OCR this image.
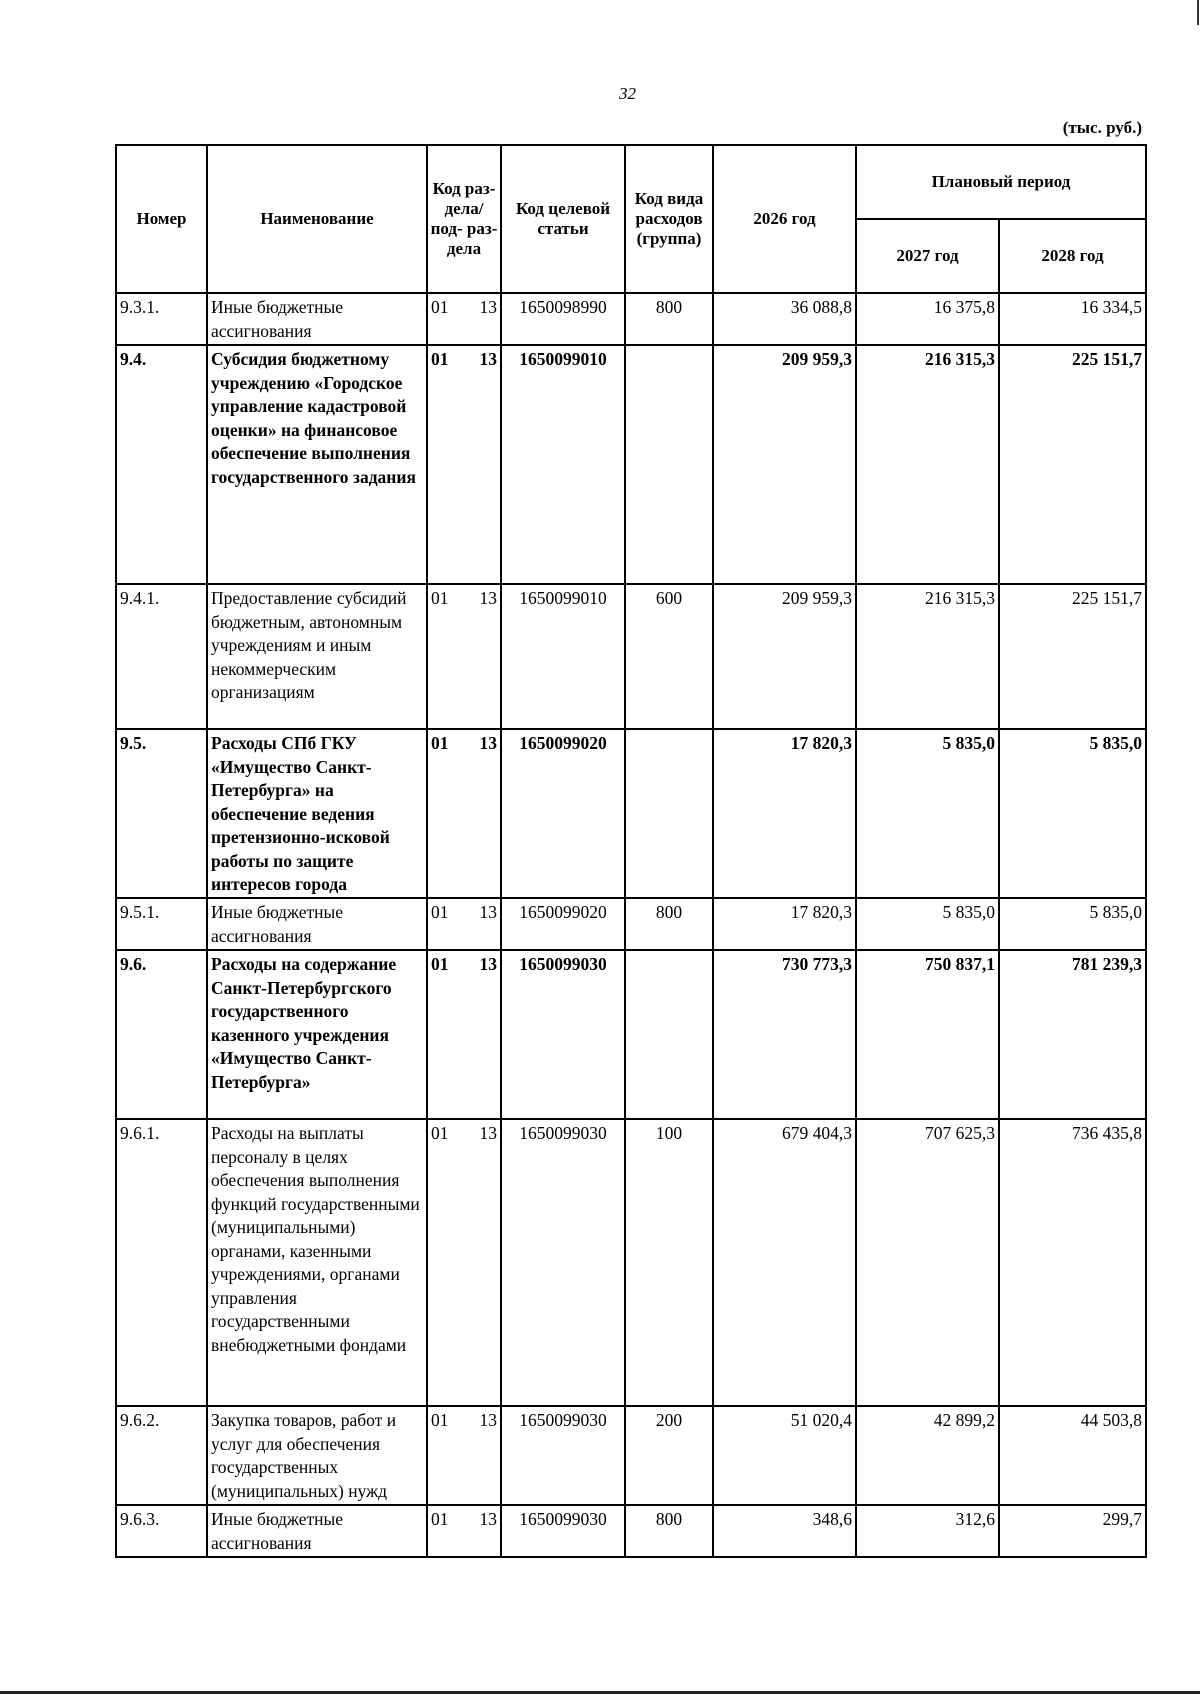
32
(тыс. руб.)
Номер	Наименование	Код раз- дела/ под- раз- дела	Код целевой статьи	Код вида расходов (группа)	2026 год	Плановый период	
						2027 год	2028 год
9.3.1.	Иные бюджетные ассигнования	01 13	1650098990	800	36 088,8	16 375,8	16 334,5
9.4.	Субсидия бюджетному учреждению «Городское управление кадастровой оценки» на финансовое обеспечение выполнения государственного задания	01 13	1650099010		209 959,3	216 315,3	225 151,7
9.4.1.	Предоставление субсидий бюджетным, автономным учреждениям и иным некоммерческим организациям	01 13	1650099010	600	209 959,3	216 315,3	225 151,7
9.5.	Расходы СПб ГКУ «Имущество Санкт-Петербурга» на обеспечение ведения претензионно-исковой работы по защите интересов города	01 13	1650099020		17 820,3	5 835,0	5 835,0
9.5.1.	Иные бюджетные ассигнования	01 13	1650099020	800	17 820,3	5 835,0	5 835,0
9.6.	Расходы на содержание Санкт-Петербургского государственного казенного учреждения «Имущество Санкт-Петербурга»	01 13	1650099030		730 773,3	750 837,1	781 239,3
9.6.1.	Расходы на выплаты персоналу в целях обеспечения выполнения функций государственными (муниципальными) органами, казенными учреждениями, органами управления государственными внебюджетными фондами	01 13	1650099030	100	679 404,3	707 625,3	736 435,8
9.6.2.	Закупка товаров, работ и услуг для обеспечения государственных (муниципальных) нужд	01 13	1650099030	200	51 020,4	42 899,2	44 503,8
9.6.3.	Иные бюджетные ассигнования	01 13	1650099030	800	348,6	312,6	299,7
